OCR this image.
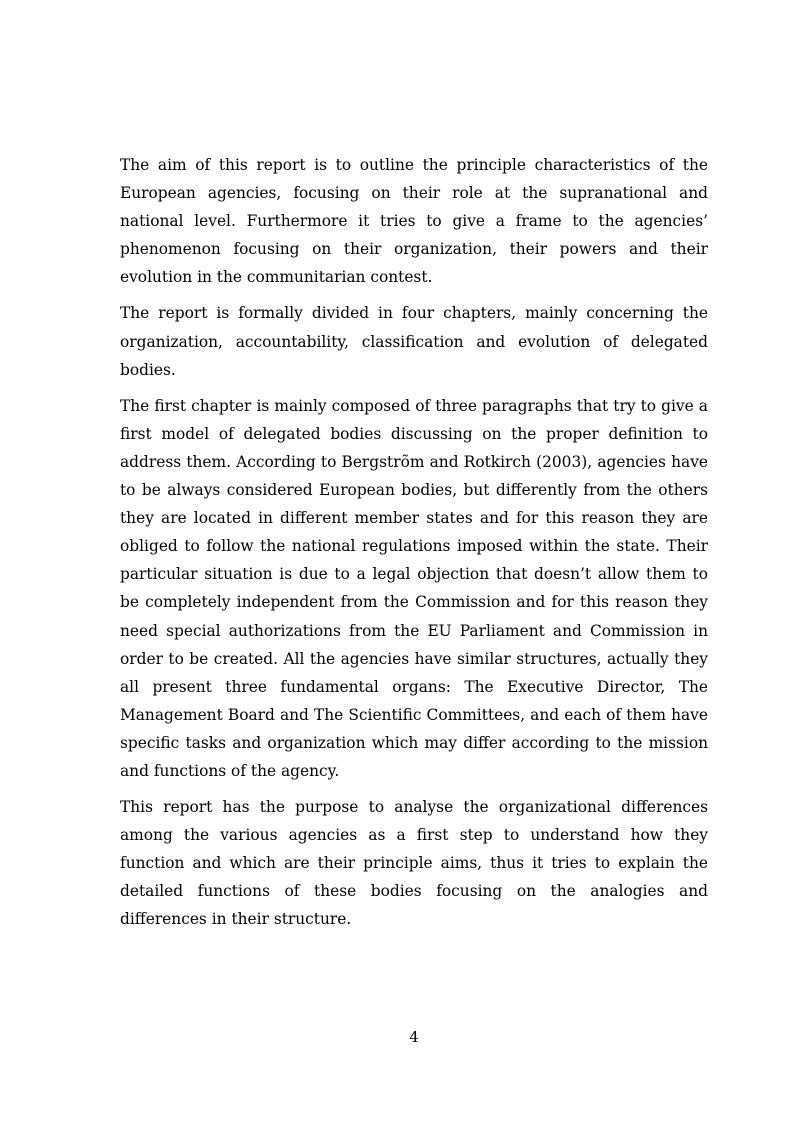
The aim of this report is to outline the principle characteristics of the European agencies, focusing on their role at the supranational and national level. Furthermore it tries to give a frame to the agencies’ phenomenon focusing on their organization, their powers and their evolution in the communitarian contest.

The report is formally divided in four chapters, mainly concerning the organization, accountability, classification and evolution of delegated bodies.

The first chapter is mainly composed of three paragraphs that try to give a first model of delegated bodies discussing on the proper definition to address them. According to Bergstrõm and Rotkirch (2003), agencies have to be always considered European bodies, but differently from the others they are located in different member states and for this reason they are obliged to follow the national regulations imposed within the state. Their particular situation is due to a legal objection that doesn’t allow them to be completely independent from the Commission and for this reason they need special authorizations from the EU Parliament and Commission in order to be created. All the agencies have similar structures, actually they all present three fundamental organs: The Executive Director, The Management Board and The Scientific Committees, and each of them have specific tasks and organization which may differ according to the mission and functions of the agency.

This report has the purpose to analyse the organizational differences among the various agencies as a first step to understand how they function and which are their principle aims, thus it tries to explain the detailed functions of these bodies focusing on the analogies and differences in their structure.

4
